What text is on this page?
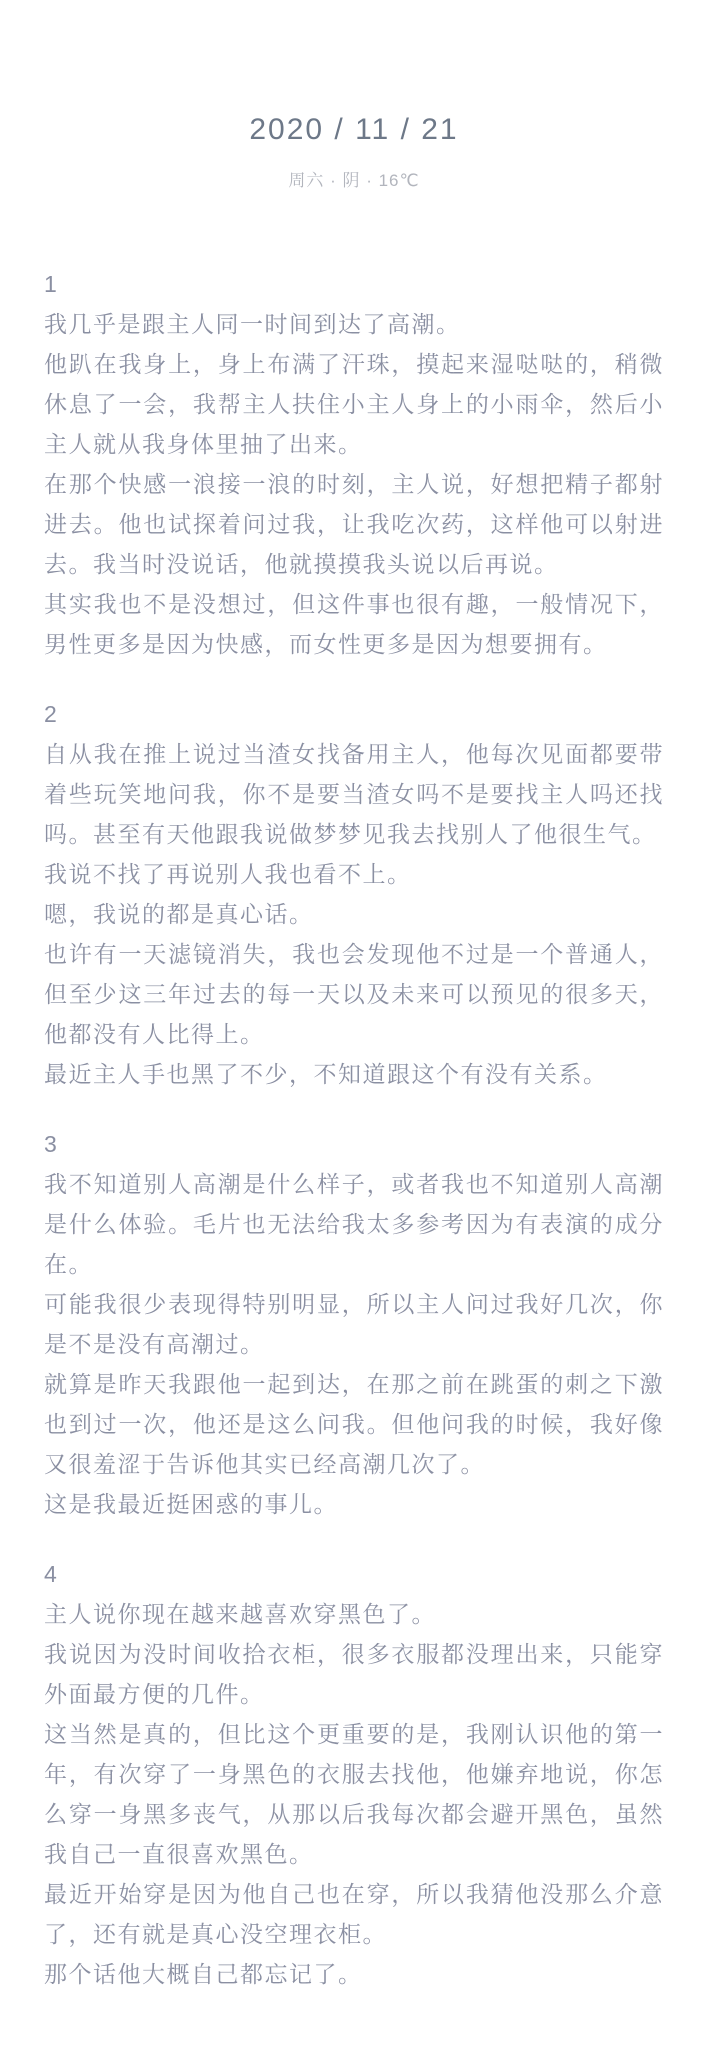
2020 / 11 / 21
周六 · 阴 · 16℃
1

我几乎是跟主人同一时间到达了高潮。

他趴在我身上，身上布满了汗珠，摸起来湿哒哒的，稍微休息了一会，我帮主人扶住小主人身上的小雨伞，然后小主人就从我身体里抽了出来。

在那个快感一浪接一浪的时刻，主人说，好想把精子都射进去。他也试探着问过我，让我吃次药，这样他可以射进去。我当时没说话，他就摸摸我头说以后再说。

其实我也不是没想过，但这件事也很有趣，一般情况下，男性更多是因为快感，而女性更多是因为想要拥有。

2

自从我在推上说过当渣女找备用主人，他每次见面都要带着些玩笑地问我，你不是要当渣女吗不是要找主人吗还找吗。甚至有天他跟我说做梦梦见我去找别人了他很生气。

我说不找了再说别人我也看不上。

嗯，我说的都是真心话。

也许有一天滤镜消失，我也会发现他不过是一个普通人，但至少这三年过去的每一天以及未来可以预见的很多天，他都没有人比得上。

最近主人手也黑了不少，不知道跟这个有没有关系。

3

我不知道别人高潮是什么样子，或者我也不知道别人高潮是什么体验。毛片也无法给我太多参考因为有表演的成分在。

可能我很少表现得特别明显，所以主人问过我好几次，你是不是没有高潮过。

就算是昨天我跟他一起到达，在那之前在跳蛋的刺之下激也到过一次，他还是这么问我。但他问我的时候，我好像又很羞涩于告诉他其实已经高潮几次了。

这是我最近挺困惑的事儿。

4

主人说你现在越来越喜欢穿黑色了。

我说因为没时间收拾衣柜，很多衣服都没理出来，只能穿外面最方便的几件。

这当然是真的，但比这个更重要的是，我刚认识他的第一年，有次穿了一身黑色的衣服去找他，他嫌弃地说，你怎么穿一身黑多丧气，从那以后我每次都会避开黑色，虽然我自己一直很喜欢黑色。

最近开始穿是因为他自己也在穿，所以我猜他没那么介意了，还有就是真心没空理衣柜。

那个话他大概自己都忘记了。
